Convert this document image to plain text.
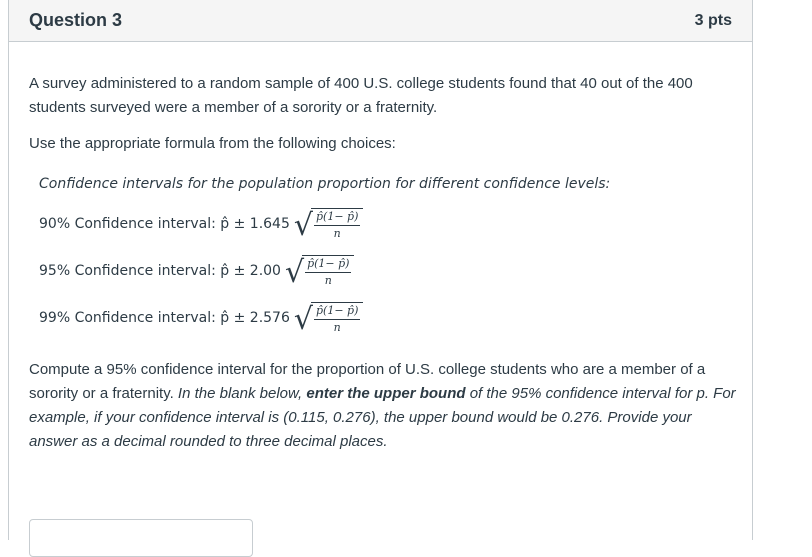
Question 3	3 pts

A survey administered to a random sample of 400 U.S. college students found that 40 out of the 400 students surveyed were a member of a sorority or a fraternity.

Use the appropriate formula from the following choices:

Confidence intervals for the population proportion for different confidence levels:
90% Confidence interval: p̂ ± 1.645 √
$\frac{p̂(1- p̂)}{n}$
95% Confidence interval: p̂ ± 2.00 √
$\frac{p̂(1- p̂)}{n}$
99% Confidence interval: p̂ ± 2.576 √
$\frac{p̂(1- p̂)}{n}$

Compute a 95% confidence interval for the proportion of U.S. college students who are a member of a sorority or a fraternity. In the blank below, enter the upper bound of the 95% confidence interval for p. For example, if your confidence interval is (0.115, 0.276), the upper bound would be 0.276. Provide your answer as a decimal rounded to three decimal places.
